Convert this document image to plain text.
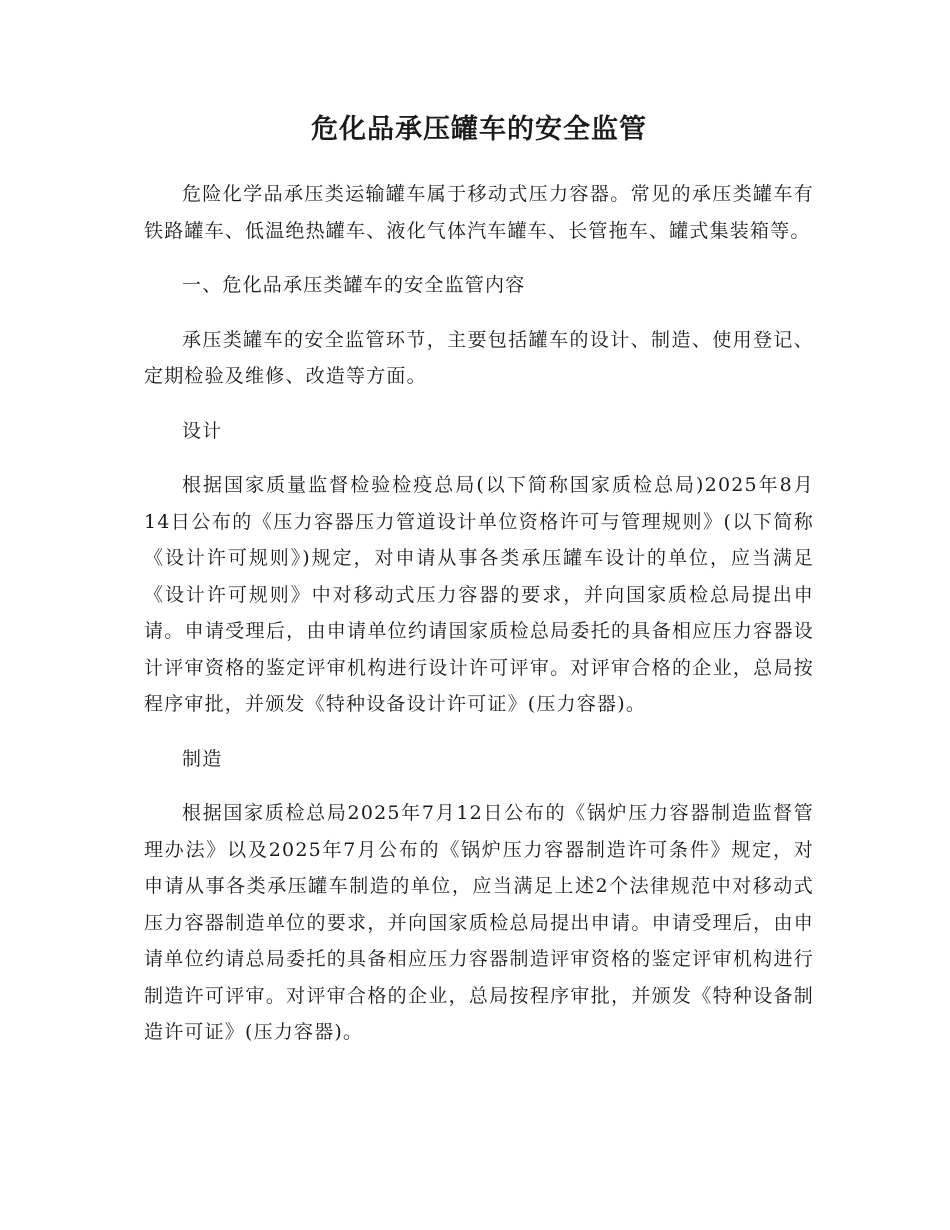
危化品承压罐车的安全监管

危险化学品承压类运输罐车属于移动式压力容器。常见的承压类罐车有铁路罐车、低温绝热罐车、液化气体汽车罐车、长管拖车、罐式集装箱等。

一、危化品承压类罐车的安全监管内容

承压类罐车的安全监管环节，主要包括罐车的设计、制造、使用登记、定期检验及维修、改造等方面。

设计

根据国家质量监督检验检疫总局(以下简称国家质检总局)2025年8月14日公布的《压力容器压力管道设计单位资格许可与管理规则》(以下简称《设计许可规则》)规定，对申请从事各类承压罐车设计的单位，应当满足《设计许可规则》中对移动式压力容器的要求，并向国家质检总局提出申请。申请受理后，由申请单位约请国家质检总局委托的具备相应压力容器设计评审资格的鉴定评审机构进行设计许可评审。对评审合格的企业，总局按程序审批，并颁发《特种设备设计许可证》(压力容器)。

制造

根据国家质检总局2025年7月12日公布的《锅炉压力容器制造监督管理办法》以及2025年7月公布的《锅炉压力容器制造许可条件》规定，对申请从事各类承压罐车制造的单位，应当满足上述2个法律规范中对移动式压力容器制造单位的要求，并向国家质检总局提出申请。申请受理后，由申请单位约请总局委托的具备相应压力容器制造评审资格的鉴定评审机构进行制造许可评审。对评审合格的企业，总局按程序审批，并颁发《特种设备制造许可证》(压力容器)。
